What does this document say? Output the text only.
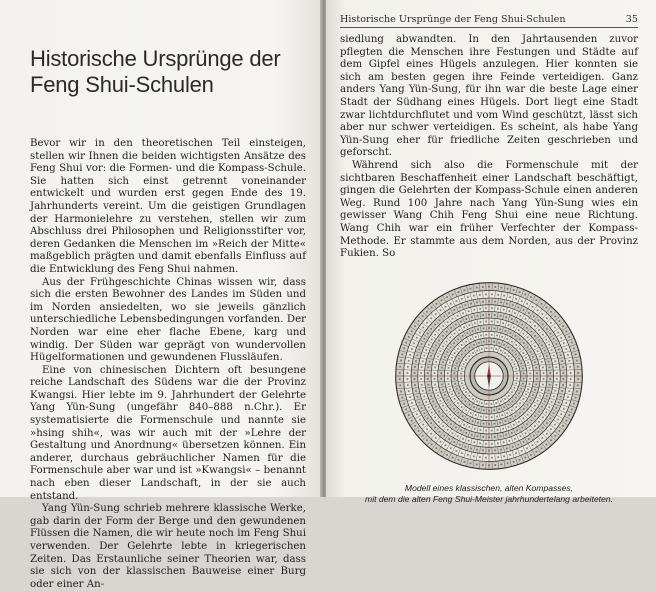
Historische Ursprünge der
Feng Shui-Schulen

Bevor wir in den theoretischen Teil einsteigen, stellen wir Ihnen die beiden wichtigsten Ansätze des Feng Shui vor: die Formen- und die Kompass-Schule. Sie hatten sich einst getrennt voneinander entwickelt und wurden erst gegen Ende des 19. Jahrhunderts vereint. Um die geistigen Grundlagen der Harmonielehre zu verstehen, stellen wir zum Abschluss drei Philosophen und Religionsstifter vor, deren Gedanken die Menschen im »Reich der Mitte« maßgeblich prägten und damit ebenfalls Einfluss auf die Entwicklung des Feng Shui nahmen.

Aus der Frühgeschichte Chinas wissen wir, dass sich die ersten Bewohner des Landes im Süden und im Norden ansiedelten, wo sie jeweils gänzlich unterschiedliche Lebensbedingungen vorfanden. Der Norden war eine eher flache Ebene, karg und windig. Der Süden war geprägt von wundervollen Hügelformationen und gewundenen Flussläufen.

Eine von chinesischen Dichtern oft besungene reiche Landschaft des Südens war die der Provinz Kwangsi. Hier lebte im 9. Jahrhundert der Gelehrte Yang Yün-Sung (ungefähr 840–888 n.Chr.). Er systematisierte die Formenschule und nannte sie »hsing shih«, was wir auch mit der »Lehre der Gestaltung und Anordnung« übersetzen können. Ein anderer, durchaus gebräuchlicher Namen für die Formenschule aber war und ist »Kwangsi« – benannt nach eben dieser Landschaft, in der sie auch entstand.

Yang Yün-Sung schrieb mehrere klassische Werke, gab darin der Form der Berge und den gewundenen Flüssen die Namen, die wir heute noch im Feng Shui verwenden. Der Gelehrte lebte in kriegerischen Zeiten. Das Erstaunliche seiner Theorien war, dass sie sich von der klassischen Bauweise einer Burg oder einer An-

Historische Ursprünge der Feng Shui-Schulen	35

siedlung abwandten. In den Jahrtausenden zuvor pflegten die Menschen ihre Festungen und Städte auf dem Gipfel eines Hügels anzulegen. Hier konnten sie sich am besten gegen ihre Feinde verteidigen. Ganz anders Yang Yün-Sung, für ihn war die beste Lage einer Stadt der Südhang eines Hügels. Dort liegt eine Stadt zwar lichtdurchflutet und vom Wind geschützt, lässt sich aber nur schwer verteidigen. Es scheint, als habe Yang Yün-Sung eher für friedliche Zeiten geschrieben und geforscht.

Während sich also die Formenschule mit der sichtbaren Beschaffenheit einer Landschaft beschäftigt, gingen die Gelehrten der Kompass-Schule einen anderen Weg. Rund 100 Jahre nach Yang Yün-Sung wies ein gewisser Wang Chih Feng Shui eine neue Richtung. Wang Chih war ein früher Verfechter der Kompass-Methode. Er stammte aus dem Norden, aus der Provinz Fukien. So

Modell eines klassischen, alten Kompasses,
mit dem die alten Feng Shui-Meister jahrhundertelang arbeiteten.
